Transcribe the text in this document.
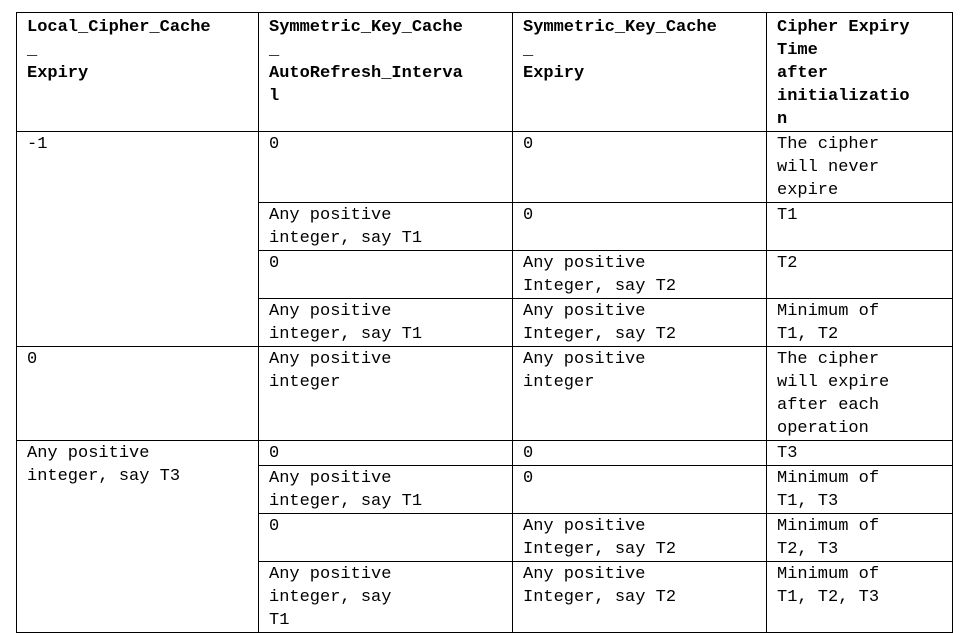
Local_Cipher_Cache
_
Expiry	Symmetric_Key_Cache
_
AutoRefresh_Interva
l	Symmetric_Key_Cache
_
Expiry	Cipher Expiry
Time
after
initializatio
n
-1	0	0	The cipher
will never
expire
	Any positive
integer, say T1	0	T1
	0	Any positive
Integer, say T2	T2
	Any positive
integer, say T1	Any positive
Integer, say T2	Minimum of
T1, T2
0	Any positive
integer	Any positive
integer	The cipher
will expire
after each
operation
Any positive
integer, say T3	0	0	T3
	Any positive
integer, say T1	0	Minimum of
T1, T3
	0	Any positive
Integer, say T2	Minimum of
T2, T3
	Any positive
integer, say
T1	Any positive
Integer, say T2	Minimum of
T1, T2, T3
